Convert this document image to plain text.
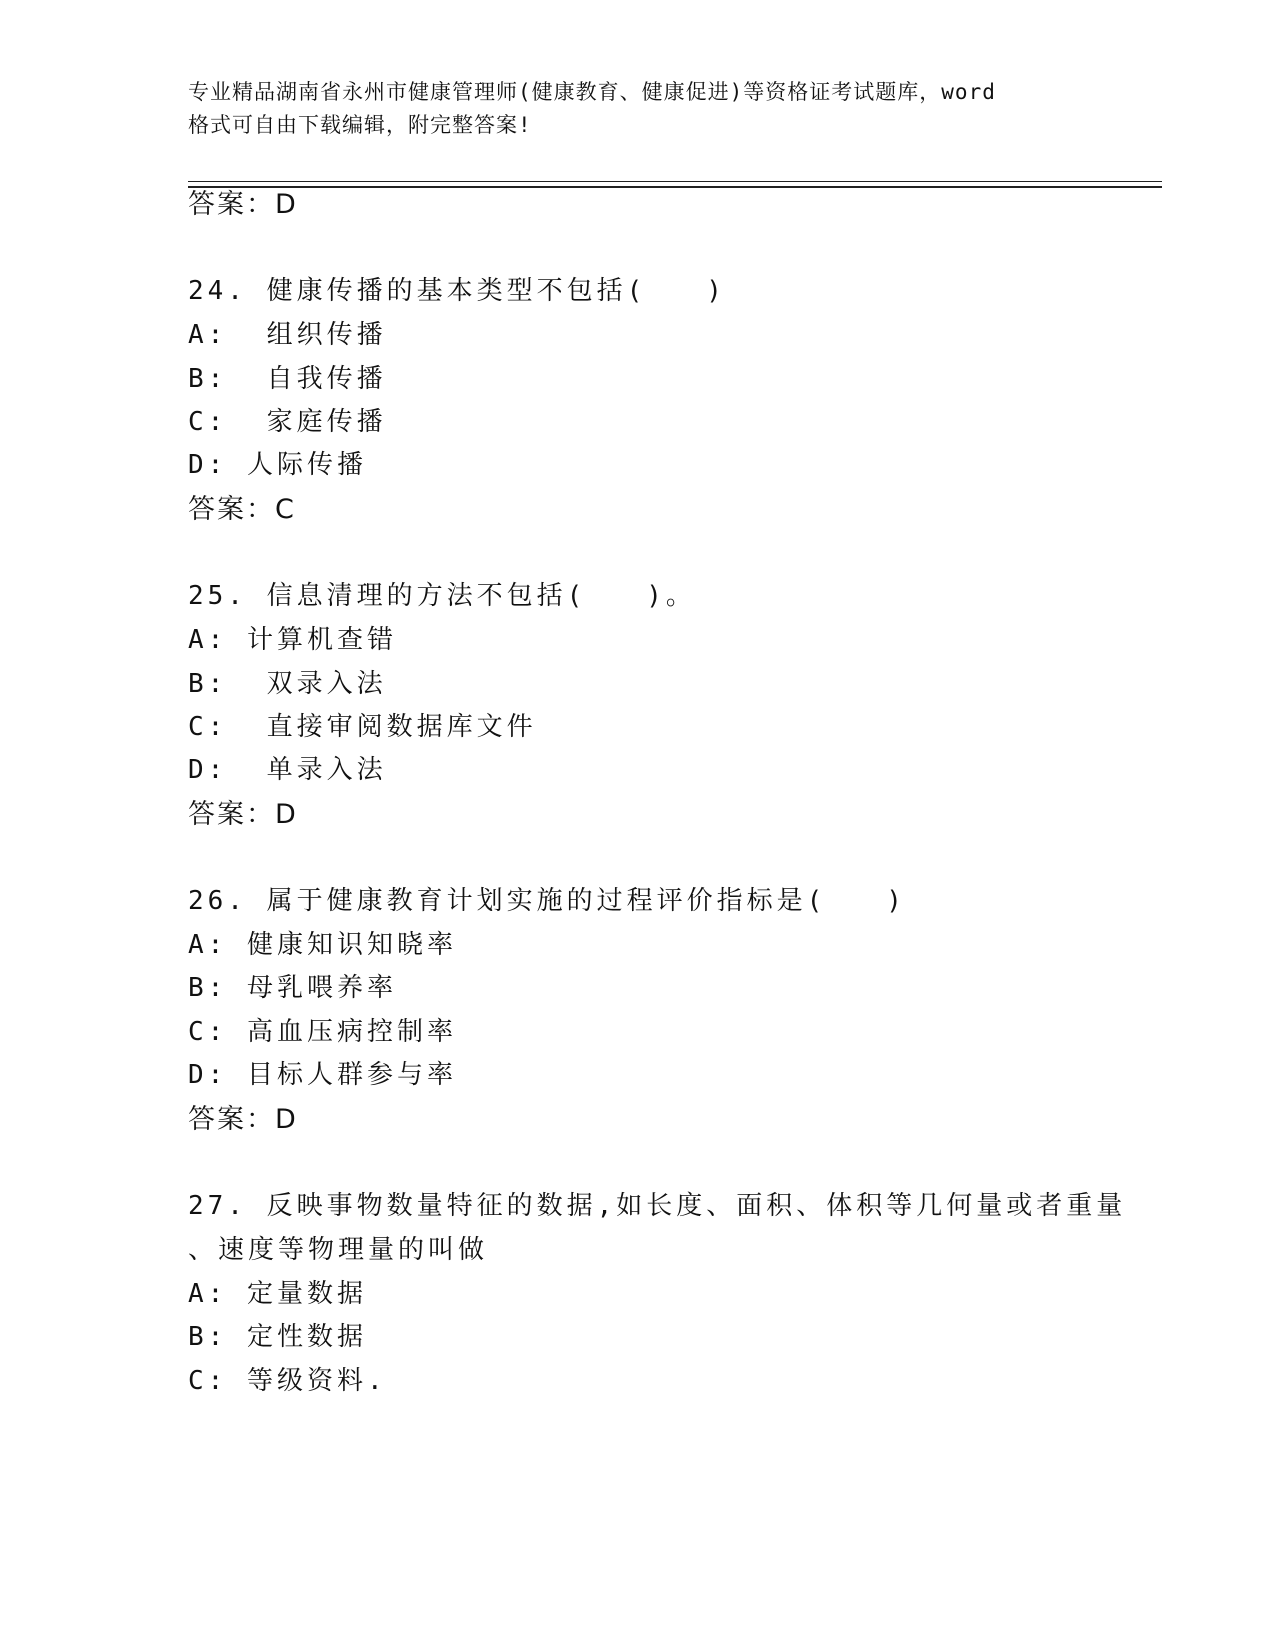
专业精品湖南省永州市健康管理师(健康教育、健康促进)等资格证考试题库，word
格式可自由下载编辑，附完整答案!
答案：D
24. 健康传播的基本类型不包括(　　)
A:  组织传播
B:  自我传播
C:  家庭传播
D: 人际传播
答案：C
25. 信息清理的方法不包括(　　)。
A: 计算机查错
B:  双录入法
C:  直接审阅数据库文件
D:  单录入法
答案：D
26. 属于健康教育计划实施的过程评价指标是(　　)
A: 健康知识知晓率
B: 母乳喂养率
C: 高血压病控制率
D: 目标人群参与率
答案：D
27. 反映事物数量特征的数据,如长度、面积、体积等几何量或者重量
、速度等物理量的叫做
A: 定量数据
B: 定性数据
C: 等级资料.
